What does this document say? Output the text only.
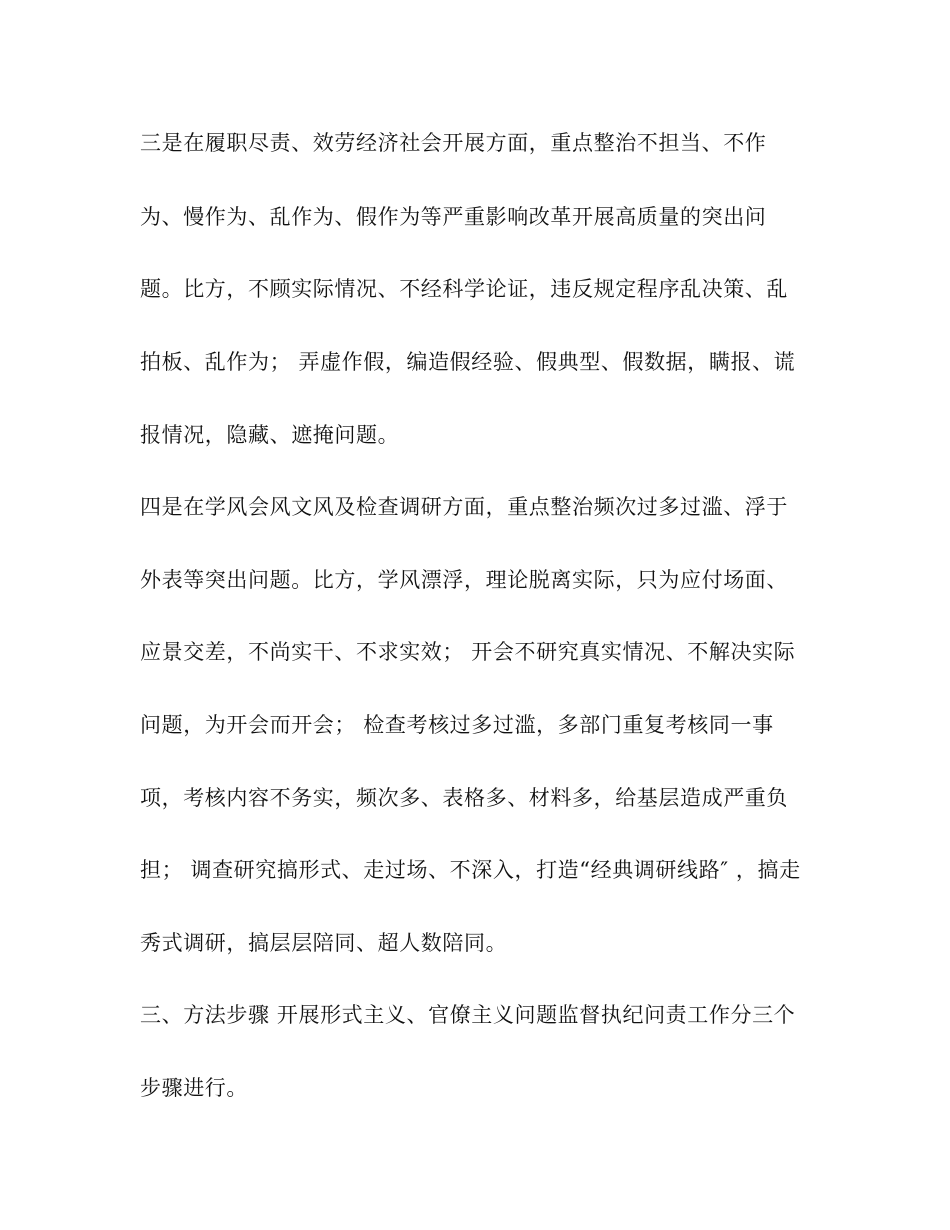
三是在履职尽责、效劳经济社会开展方面，重点整治不担当、不作

为、慢作为、乱作为、假作为等严重影响改革开展高质量的突出问

题。比方，不顾实际情况、不经科学论证，违反规定程序乱决策、乱

拍板、乱作为； 弄虚作假，编造假经验、假典型、假数据，瞒报、谎

报情况，隐藏、遮掩问题。

四是在学风会风文风及检查调研方面，重点整治频次过多过滥、浮于

外表等突出问题。比方，学风漂浮，理论脱离实际，只为应付场面、

应景交差，不尚实干、不求实效； 开会不研究真实情况、不解决实际

问题，为开会而开会； 检查考核过多过滥，多部门重复考核同一事

项，考核内容不务实，频次多、表格多、材料多，给基层造成严重负

担； 调查研究搞形式、走过场、不深入，打造“经典调研线路″ ，搞走

秀式调研，搞层层陪同、超人数陪同。

三、方法步骤 开展形式主义、官僚主义问题监督执纪问责工作分三个

步骤进行。
